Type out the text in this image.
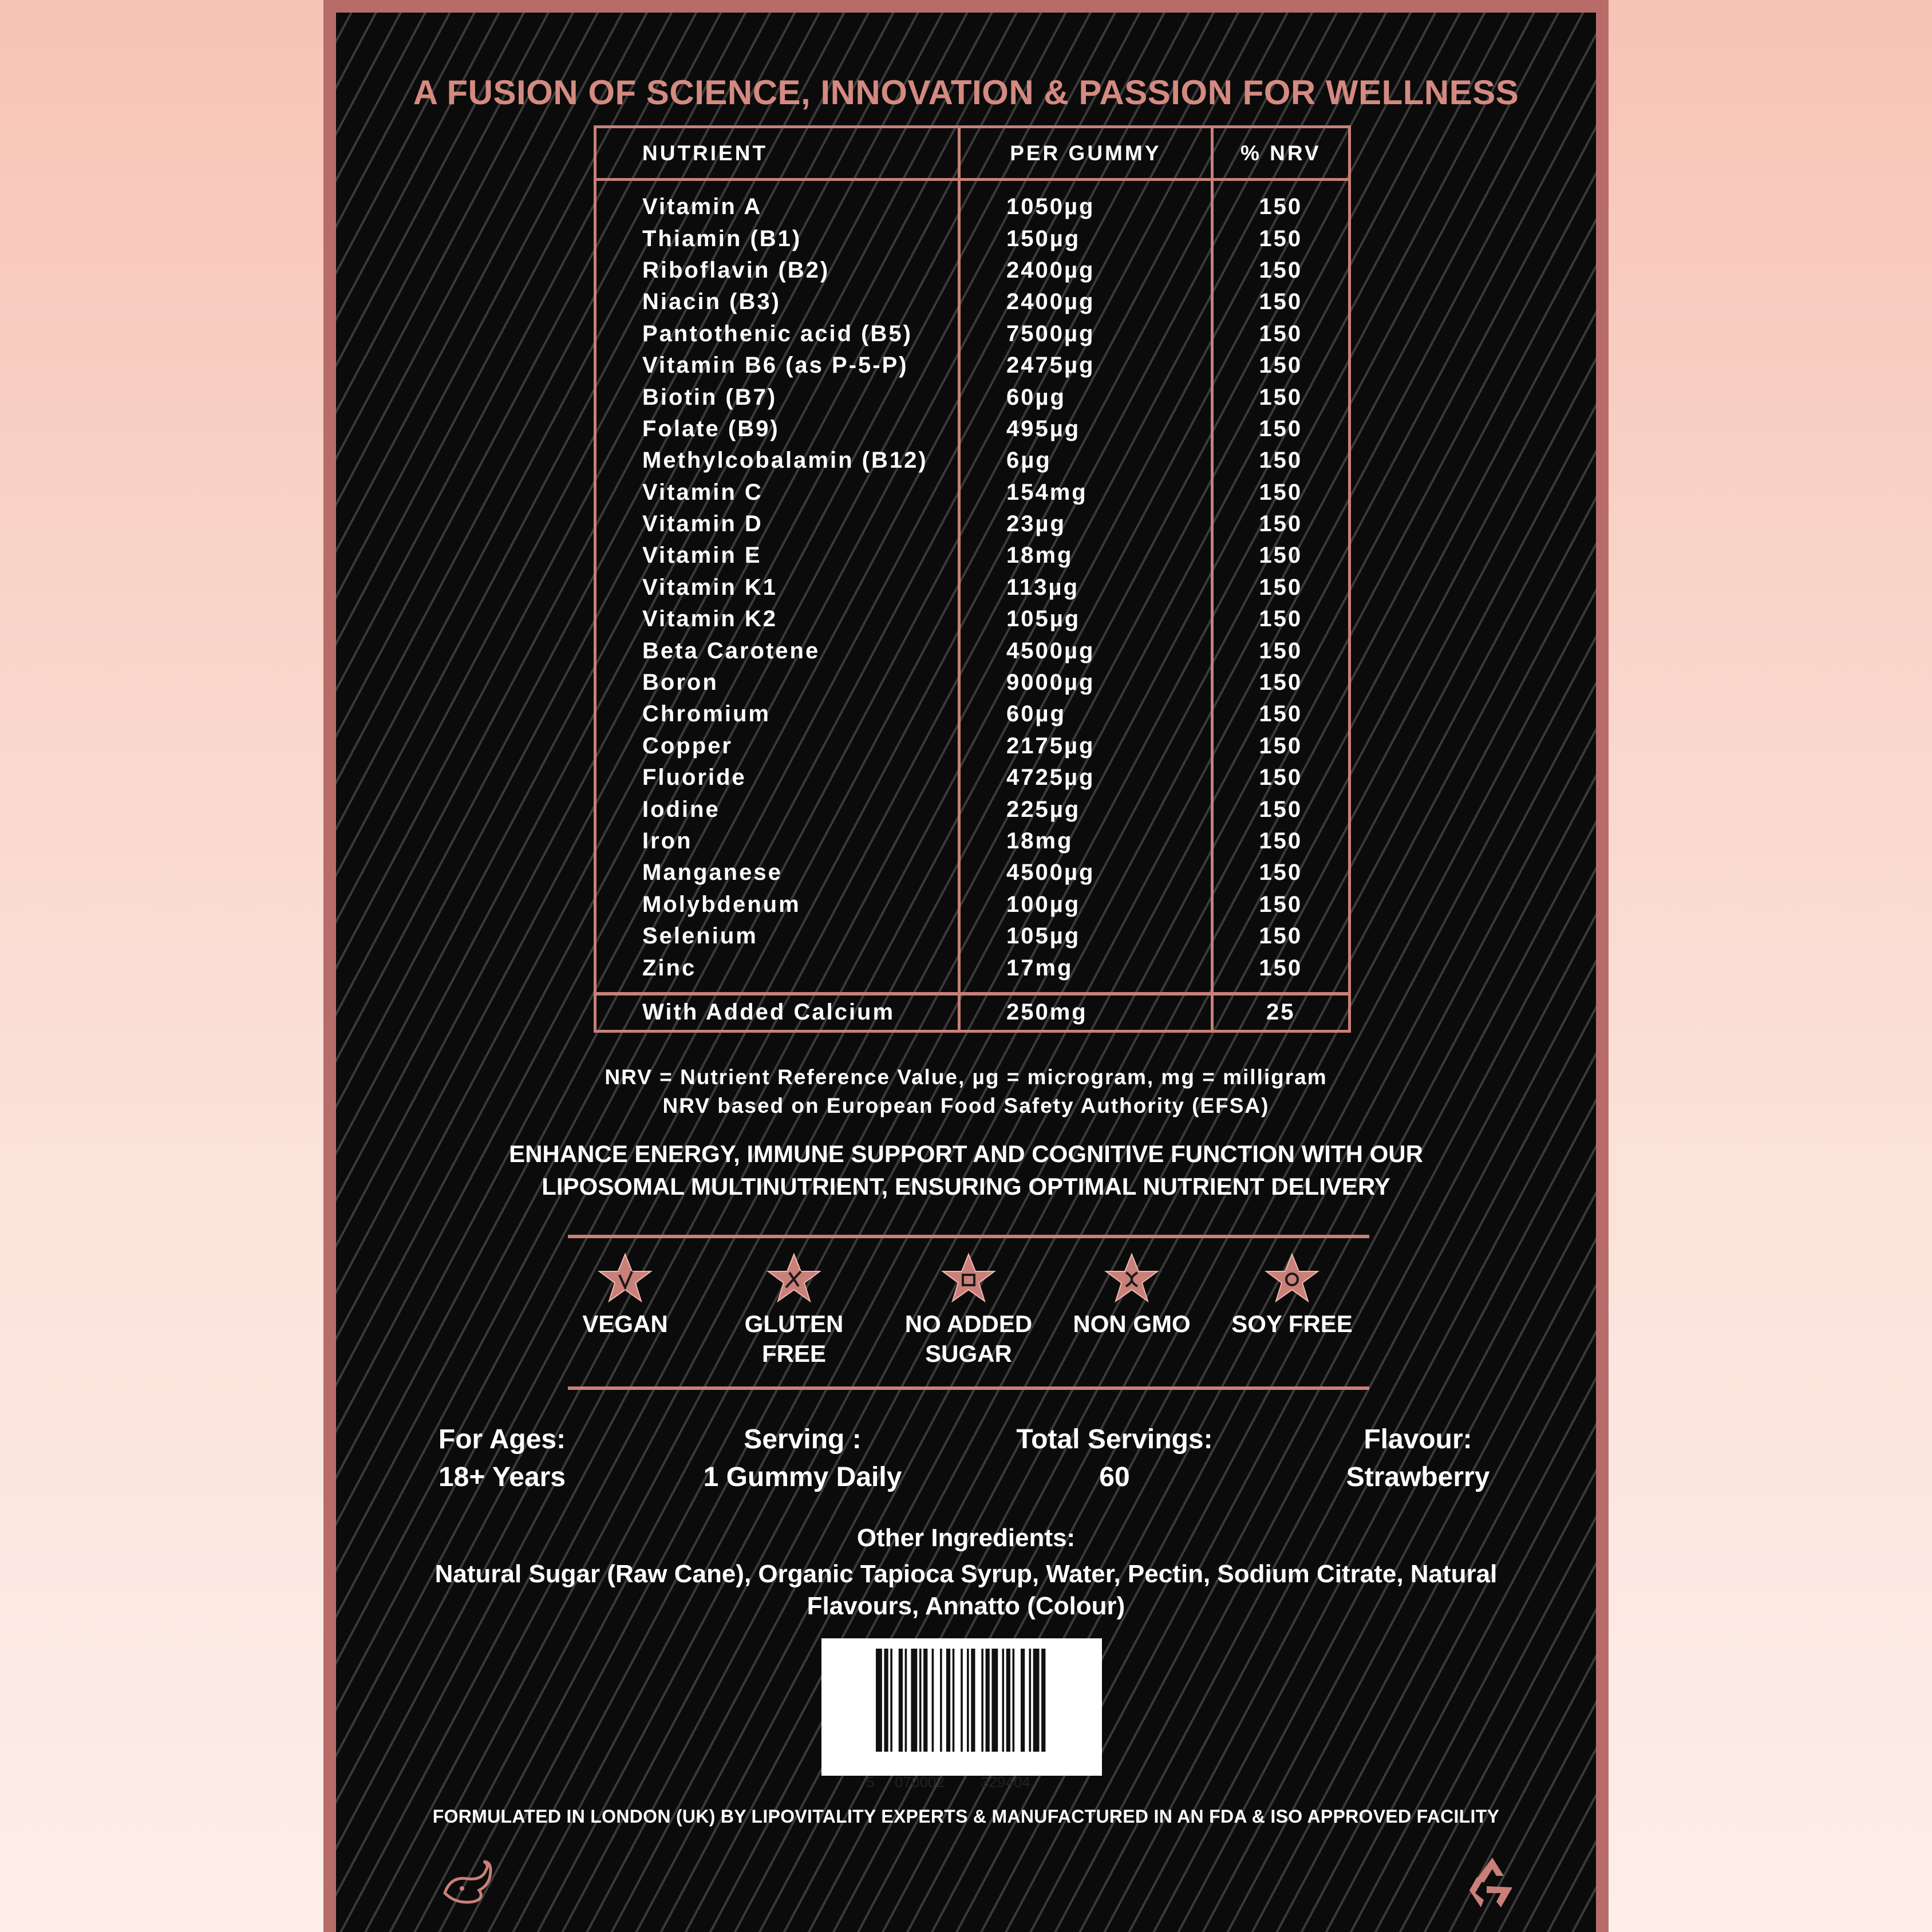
A FUSION OF SCIENCE, INNOVATION & PASSION FOR WELLNESS
NUTRIENT	PER GUMMY	% NRV
Vitamin A	1050µg	150
Thiamin (B1)	150µg	150
Riboflavin (B2)	2400µg	150
Niacin (B3)	2400µg	150
Pantothenic acid (B5)	7500µg	150
Vitamin B6 (as P-5-P)	2475µg	150
Biotin (B7)	60µg	150
Folate (B9)	495µg	150
Methylcobalamin (B12)	6µg	150
Vitamin C	154mg	150
Vitamin D	23µg	150
Vitamin E	18mg	150
Vitamin K1	113µg	150
Vitamin K2	105µg	150
Beta Carotene	4500µg	150
Boron	9000µg	150
Chromium	60µg	150
Copper	2175µg	150
Fluoride	4725µg	150
Iodine	225µg	150
Iron	18mg	150
Manganese	4500µg	150
Molybdenum	100µg	150
Selenium	105µg	150
Zinc	17mg	150
With Added Calcium	250mg	25
NRV = Nutrient Reference Value, µg = microgram, mg = milligram
NRV based on European Food Safety Authority (EFSA)
ENHANCE ENERGY, IMMUNE SUPPORT AND COGNITIVE FUNCTION WITH OUR
LIPOSOMAL MULTINUTRIENT, ENSURING OPTIMAL NUTRIENT DELIVERY
VEGAN	GLUTEN FREE
NO ADDED
SUGAR
NON GMO	SOY FREE
For Ages:
18+ Years
Serving :
1 Gummy Daily
Total Servings:
60
Flavour:
Strawberry
Other Ingredients:
Natural Sugar (Raw Cane), Organic Tapioca Syrup, Water, Pectin, Sodium Citrate, Natural
Flavours, Annatto (Colour)
5 070002 329404
FORMULATED IN LONDON (UK) BY LIPOVITALITY EXPERTS & MANUFACTURED IN AN FDA & ISO APPROVED FACILITY
